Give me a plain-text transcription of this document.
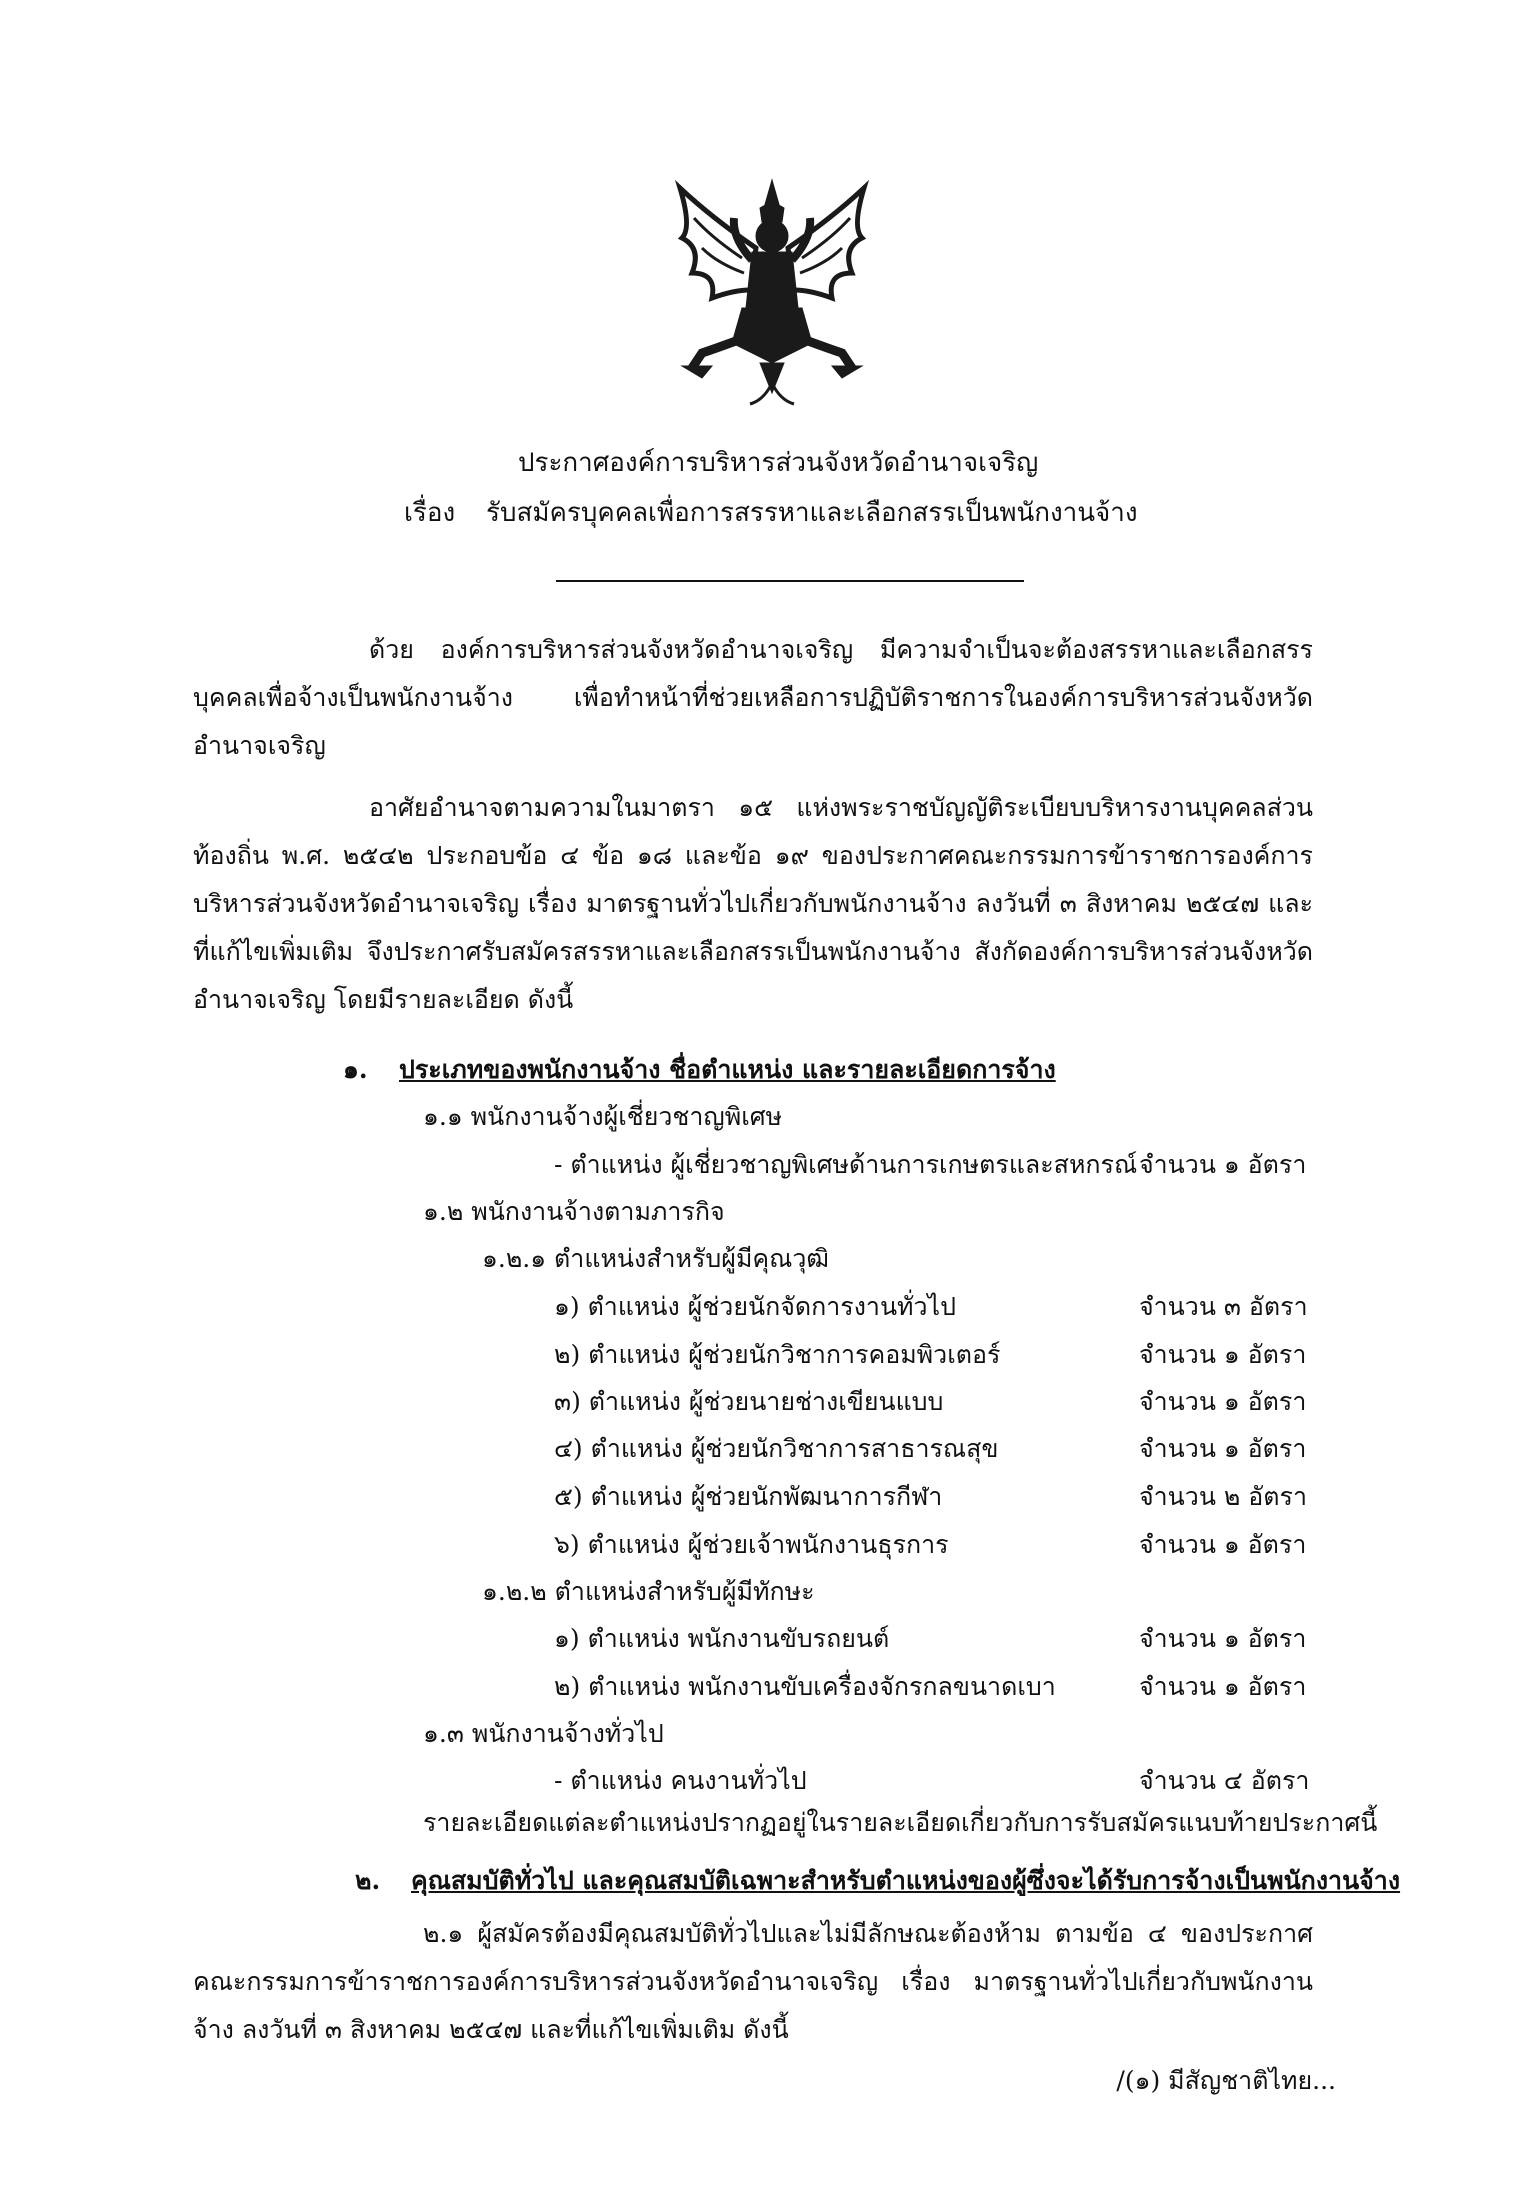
ประกาศองค์การบริหารส่วนจังหวัดอำนาจเจริญ
เรื่อง รับสมัครบุคคลเพื่อการสรรหาและเลือกสรรเป็นพนักงานจ้าง
ด้วย องค์การบริหารส่วนจังหวัดอำนาจเจริญ มีความจำเป็นจะต้องสรรหาและเลือกสรรบุคคลเพื่อจ้างเป็นพนักงานจ้าง เพื่อทำหน้าที่ช่วยเหลือการปฏิบัติราชการในองค์การบริหารส่วนจังหวัดอำนาจเจริญ
อาศัยอำนาจตามความในมาตรา ๑๕ แห่งพระราชบัญญัติระเบียบบริหารงานบุคคลส่วนท้องถิ่น พ.ศ. ๒๕๔๒ ประกอบข้อ ๔ ข้อ ๑๘ และข้อ ๑๙ ของประกาศคณะกรรมการข้าราชการองค์การบริหารส่วนจังหวัดอำนาจเจริญ เรื่อง มาตรฐานทั่วไปเกี่ยวกับพนักงานจ้าง ลงวันที่ ๓ สิงหาคม ๒๕๔๗ และที่แก้ไขเพิ่มเติม จึงประกาศรับสมัครสรรหาและเลือกสรรเป็นพนักงานจ้าง สังกัดองค์การบริหารส่วนจังหวัดอำนาจเจริญ โดยมีรายละเอียด ดังนี้
๑. ประเภทของพนักงานจ้าง ชื่อตำแหน่ง และรายละเอียดการจ้าง
๑.๑ พนักงานจ้างผู้เชี่ยวชาญพิเศษ
- ตำแหน่ง ผู้เชี่ยวชาญพิเศษด้านการเกษตรและสหกรณ์ จำนวน ๑ อัตรา
๑.๒ พนักงานจ้างตามภารกิจ
๑.๒.๑ ตำแหน่งสำหรับผู้มีคุณวุฒิ
๑) ตำแหน่ง ผู้ช่วยนักจัดการงานทั่วไป	จำนวน ๓ อัตรา
๒) ตำแหน่ง ผู้ช่วยนักวิชาการคอมพิวเตอร์	จำนวน ๑ อัตรา
๓) ตำแหน่ง ผู้ช่วยนายช่างเขียนแบบ	จำนวน ๑ อัตรา
๔) ตำแหน่ง ผู้ช่วยนักวิชาการสาธารณสุข	จำนวน ๑ อัตรา
๕) ตำแหน่ง ผู้ช่วยนักพัฒนาการกีฬา	จำนวน ๒ อัตรา
๖) ตำแหน่ง ผู้ช่วยเจ้าพนักงานธุรการ	จำนวน ๑ อัตรา
๑.๒.๒ ตำแหน่งสำหรับผู้มีทักษะ
๑) ตำแหน่ง พนักงานขับรถยนต์	จำนวน ๑ อัตรา
๒) ตำแหน่ง พนักงานขับเครื่องจักรกลขนาดเบา	จำนวน ๑ อัตรา
๑.๓ พนักงานจ้างทั่วไป
- ตำแหน่ง คนงานทั่วไป	จำนวน ๔ อัตรา
รายละเอียดแต่ละตำแหน่งปรากฏอยู่ในรายละเอียดเกี่ยวกับการรับสมัครแนบท้ายประกาศนี้
๒. คุณสมบัติทั่วไป และคุณสมบัติเฉพาะสำหรับตำแหน่งของผู้ซึ่งจะได้รับการจ้างเป็นพนักงานจ้าง
๒.๑ ผู้สมัครต้องมีคุณสมบัติทั่วไปและไม่มีลักษณะต้องห้าม ตามข้อ ๔ ของประกาศคณะกรรมการข้าราชการองค์การบริหารส่วนจังหวัดอำนาจเจริญ เรื่อง มาตรฐานทั่วไปเกี่ยวกับพนักงานจ้าง ลงวันที่ ๓ สิงหาคม ๒๕๔๗ และที่แก้ไขเพิ่มเติม ดังนี้
/(๑) มีสัญชาติไทย...
